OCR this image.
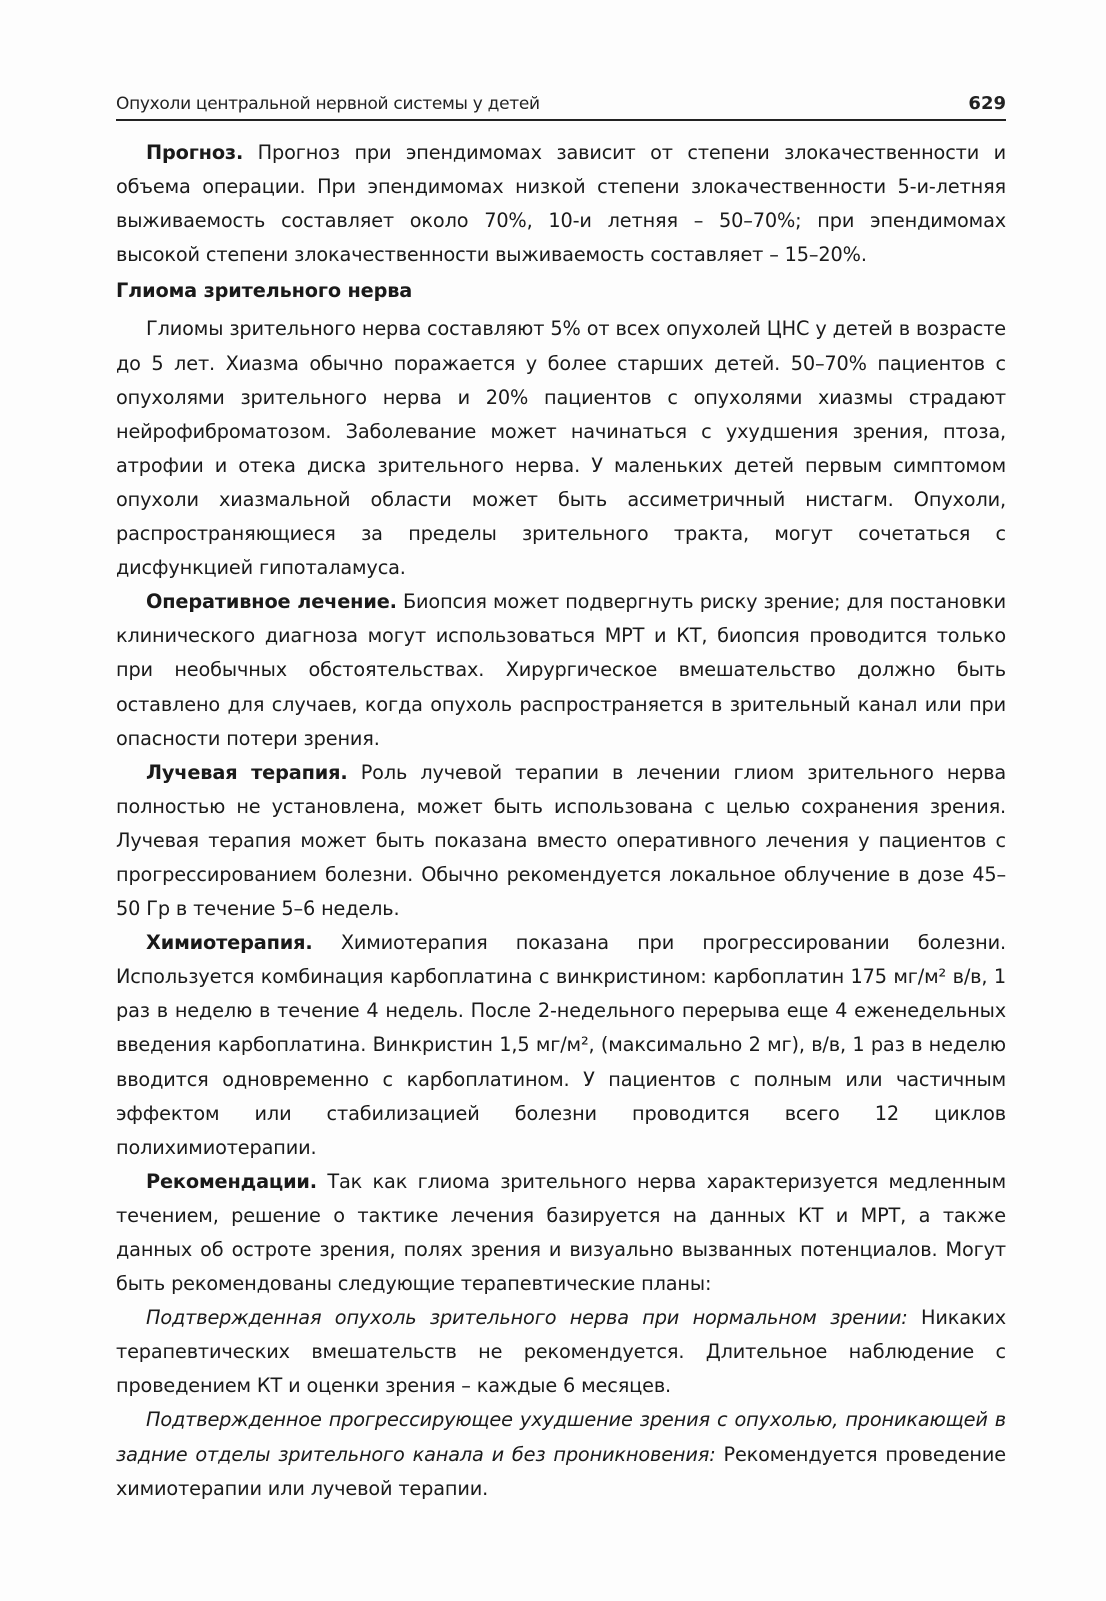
Опухоли центральной нервной системы у детей	629

Прогноз. Прогноз при эпендимомах зависит от степени злокачественности и объема операции. При эпендимомах низкой степени злокачественности 5-и-летняя выживаемость составляет около 70%, 10-и летняя – 50–70%; при эпендимомах высокой степени злокачественности выживаемость составляет – 15–20%.

Глиома зрительного нерва

Глиомы зрительного нерва составляют 5% от всех опухолей ЦНС у детей в возрасте до 5 лет. Хиазма обычно поражается у более старших детей. 50–70% пациентов с опухолями зрительного нерва и 20% пациентов с опухолями хиазмы страдают нейрофиброматозом. Заболевание может начинаться с ухудшения зрения, птоза, атрофии и отека диска зрительного нерва. У маленьких детей первым симптомом опухоли хиазмальной области может быть ассиметричный нистагм. Опухоли, распространяющиеся за пределы зрительного тракта, могут сочетаться с дисфункцией гипоталамуса.

Оперативное лечение. Биопсия может подвергнуть риску зрение; для постановки клинического диагноза могут использоваться МРТ и КТ, биопсия проводится только при необычных обстоятельствах. Хирургическое вмешательство должно быть оставлено для случаев, когда опухоль распространяется в зрительный канал или при опасности потери зрения.

Лучевая терапия. Роль лучевой терапии в лечении глиом зрительного нерва полностью не установлена, может быть использована с целью сохранения зрения. Лучевая терапия может быть показана вместо оперативного лечения у пациентов с прогрессированием болезни. Обычно рекомендуется локальное облучение в дозе 45–50 Гр в течение 5–6 недель.

Химиотерапия. Химиотерапия показана при прогрессировании болезни. Используется комбинация карбоплатина с винкристином: карбоплатин 175 мг/м² в/в, 1 раз в неделю в течение 4 недель. После 2-недельного перерыва еще 4 еженедельных введения карбоплатина. Винкристин 1,5 мг/м², (максимально 2 мг), в/в, 1 раз в неделю вводится одновременно с карбоплатином. У пациентов с полным или частичным эффектом или стабилизацией болезни проводится всего 12 циклов полихимиотерапии.

Рекомендации. Так как глиома зрительного нерва характеризуется медленным течением, решение о тактике лечения базируется на данных КТ и МРТ, а также данных об остроте зрения, полях зрения и визуально вызванных потенциалов. Могут быть рекомендованы следующие терапевтические планы:

Подтвержденная опухоль зрительного нерва при нормальном зрении: Никаких терапевтических вмешательств не рекомендуется. Длительное наблюдение с проведением КТ и оценки зрения – каждые 6 месяцев.

Подтвержденное прогрессирующее ухудшение зрения с опухолью, проникающей в задние отделы зрительного канала и без проникновения: Рекомендуется проведение химиотерапии или лучевой терапии.
